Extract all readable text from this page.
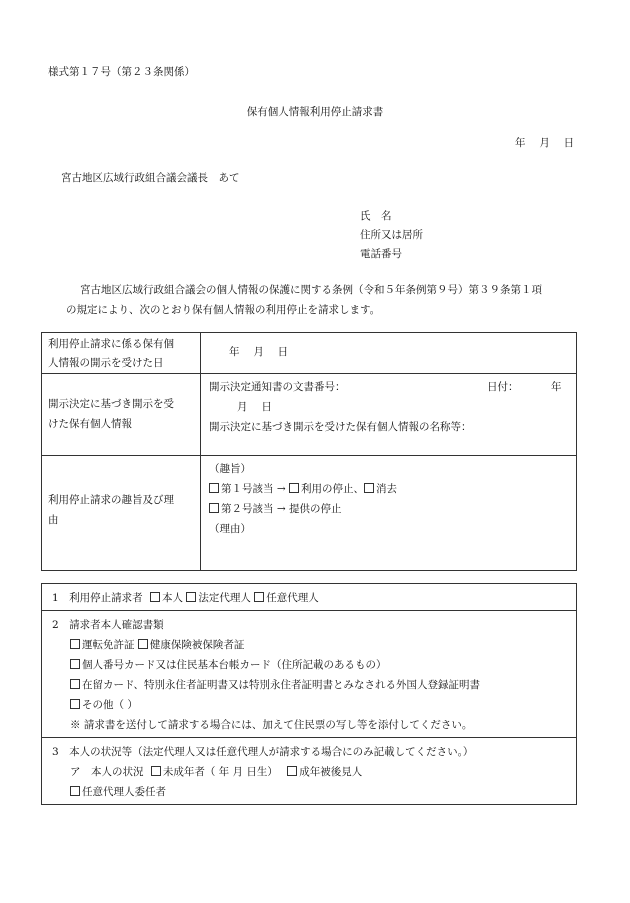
様式第１７号（第２３条関係）
保有個人情報利用停止請求書
年　 月　 日
宮古地区広域行政組合議会議長　あて
氏　名
住所又は居所
電話番号
宮古地区広域行政組合議会の個人情報の保護に関する条例（令和５年条例第９号）第３９条第１項
の規定により、次のとおり保有個人情報の利用停止を請求します。
利用停止請求に係る保有個
人情報の開示を受けた日	年　 月　 日

開示決定に基づき開示を受
けた保有個人情報	開示決定通知書の文書番号： 日付： 年
月　 日
開示決定に基づき開示を受けた保有個人情報の名称等：

利用停止請求の趣旨及び理
由	（趣旨）
第１号該当 → 利用の停止、 消去
第２号該当 → 提供の停止
（理由）
1　利用停止請求者 本人 法定代理人 任意代理人

2　請求者本人確認書類
運転免許証 健康保険被保険者証
個人番号カード又は住民基本台帳カード（住所記載のあるもの）
在留カード、特別永住者証明書又は特別永住者証明書とみなされる外国人登録証明書
その他（ ）
※ 請求書を送付して請求する場合には、加えて住民票の写し等を添付してください。

3　本人の状況等（法定代理人又は任意代理人が請求する場合にのみ記載してください。）
ア　本人の状況 未成年者（ 年 月 日生） 成年被後見人
任意代理人委任者
